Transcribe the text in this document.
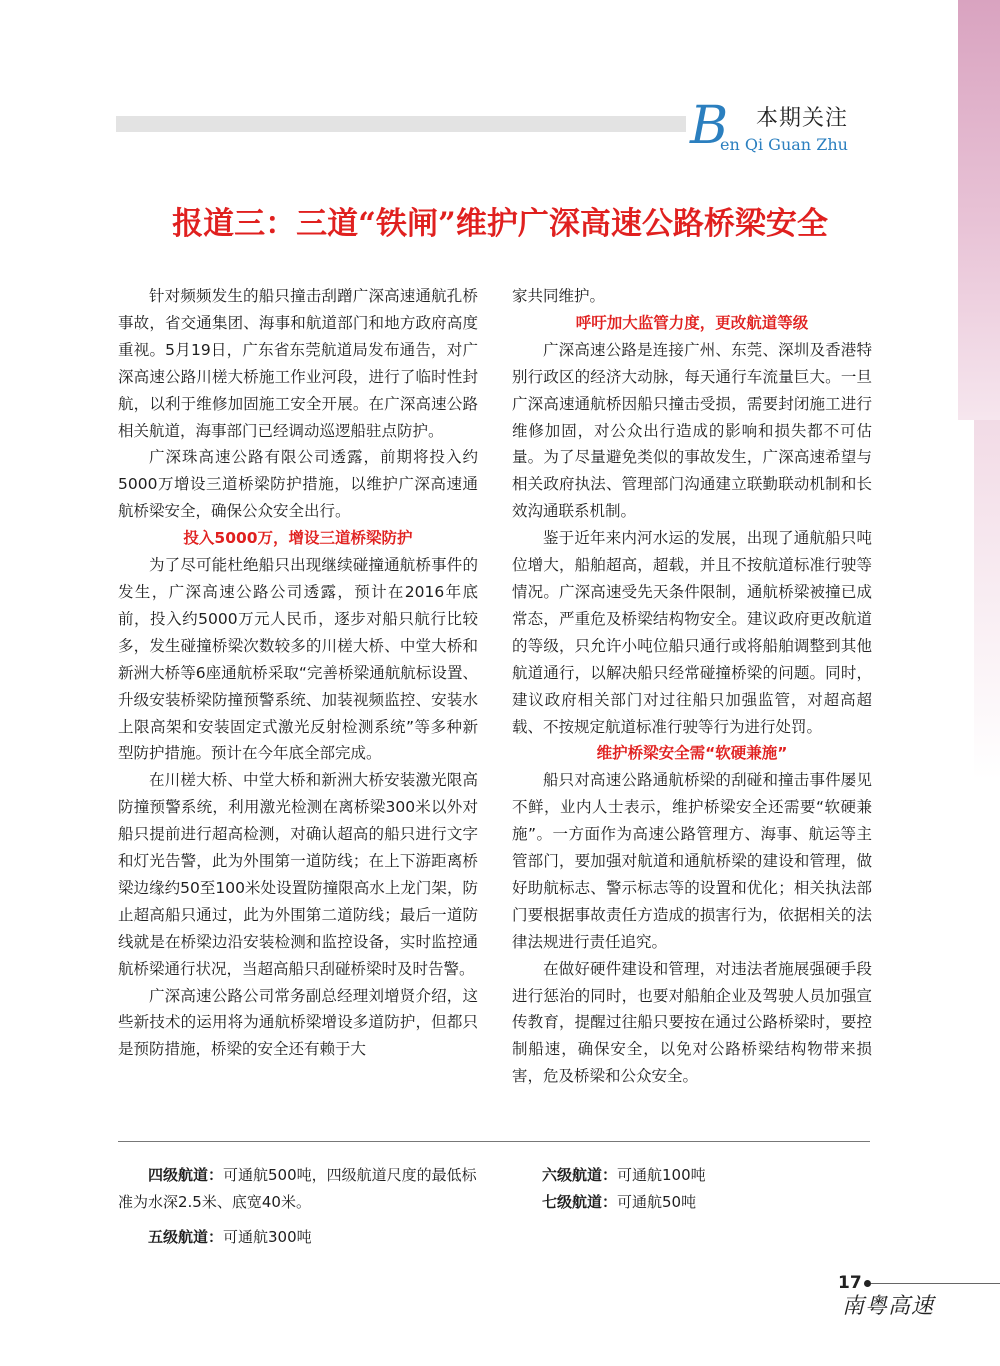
B 本期关注
en Qi Guan Zhu
报道三：三道“铁闸”维护广深高速公路桥梁安全

针对频频发生的船只撞击刮蹭广深高速通航孔桥事故，省交通集团、海事和航道部门和地方政府高度重视。5月19日，广东省东莞航道局发布通告，对广深高速公路川槎大桥施工作业河段，进行了临时性封航，以利于维修加固施工安全开展。在广深高速公路相关航道，海事部门已经调动巡逻船驻点防护。

广深珠高速公路有限公司透露，前期将投入约5000万增设三道桥梁防护措施，以维护广深高速通航桥梁安全，确保公众安全出行。

投入5000万，增设三道桥梁防护

为了尽可能杜绝船只出现继续碰撞通航桥事件的发生，广深高速公路公司透露，预计在2016年底前，投入约5000万元人民币，逐步对船只航行比较多，发生碰撞桥梁次数较多的川槎大桥、中堂大桥和新洲大桥等6座通航桥采取“完善桥梁通航航标设置、升级安装桥梁防撞预警系统、加装视频监控、安装水上限高架和安装固定式激光反射检测系统”等多种新型防护措施。预计在今年底全部完成。

在川槎大桥、中堂大桥和新洲大桥安装激光限高防撞预警系统，利用激光检测在离桥梁300米以外对船只提前进行超高检测，对确认超高的船只进行文字和灯光告警，此为外围第一道防线；在上下游距离桥梁边缘约50至100米处设置防撞限高水上龙门架，防止超高船只通过，此为外围第二道防线；最后一道防线就是在桥梁边沿安装检测和监控设备，实时监控通航桥梁通行状况，当超高船只刮碰桥梁时及时告警。

广深高速公路公司常务副总经理刘增贤介绍，这些新技术的运用将为通航桥梁增设多道防护，但都只是预防措施，桥梁的安全还有赖于大

家共同维护。

呼吁加大监管力度，更改航道等级

广深高速公路是连接广州、东莞、深圳及香港特别行政区的经济大动脉，每天通行车流量巨大。一旦广深高速通航桥因船只撞击受损，需要封闭施工进行维修加固，对公众出行造成的影响和损失都不可估量。为了尽量避免类似的事故发生，广深高速希望与相关政府执法、管理部门沟通建立联勤联动机制和长效沟通联系机制。

鉴于近年来内河水运的发展，出现了通航船只吨位增大，船舶超高，超载，并且不按航道标准行驶等情况。广深高速受先天条件限制，通航桥梁被撞已成常态，严重危及桥梁结构物安全。建议政府更改航道的等级，只允许小吨位船只通行或将船舶调整到其他航道通行，以解决船只经常碰撞桥梁的问题。同时，建议政府相关部门对过往船只加强监管，对超高超载、不按规定航道标准行驶等行为进行处罚。

维护桥梁安全需“软硬兼施”

船只对高速公路通航桥梁的刮碰和撞击事件屡见不鲜，业内人士表示，维护桥梁安全还需要“软硬兼施”。一方面作为高速公路管理方、海事、航运等主管部门，要加强对航道和通航桥梁的建设和管理，做好助航标志、警示标志等的设置和优化；相关执法部门要根据事故责任方造成的损害行为，依据相关的法律法规进行责任追究。

在做好硬件建设和管理，对违法者施展强硬手段进行惩治的同时，也要对船舶企业及驾驶人员加强宣传教育，提醒过往船只要按在通过公路桥梁时，要控制船速，确保安全，以免对公路桥梁结构物带来损害，危及桥梁和公众安全。

四级航道：可通航500吨，四级航道尺度的最低标准为水深2.5米、底宽40米。

五级航道：可通航300吨

六级航道：可通航100吨

七级航道：可通航50吨

17
南粤高速
